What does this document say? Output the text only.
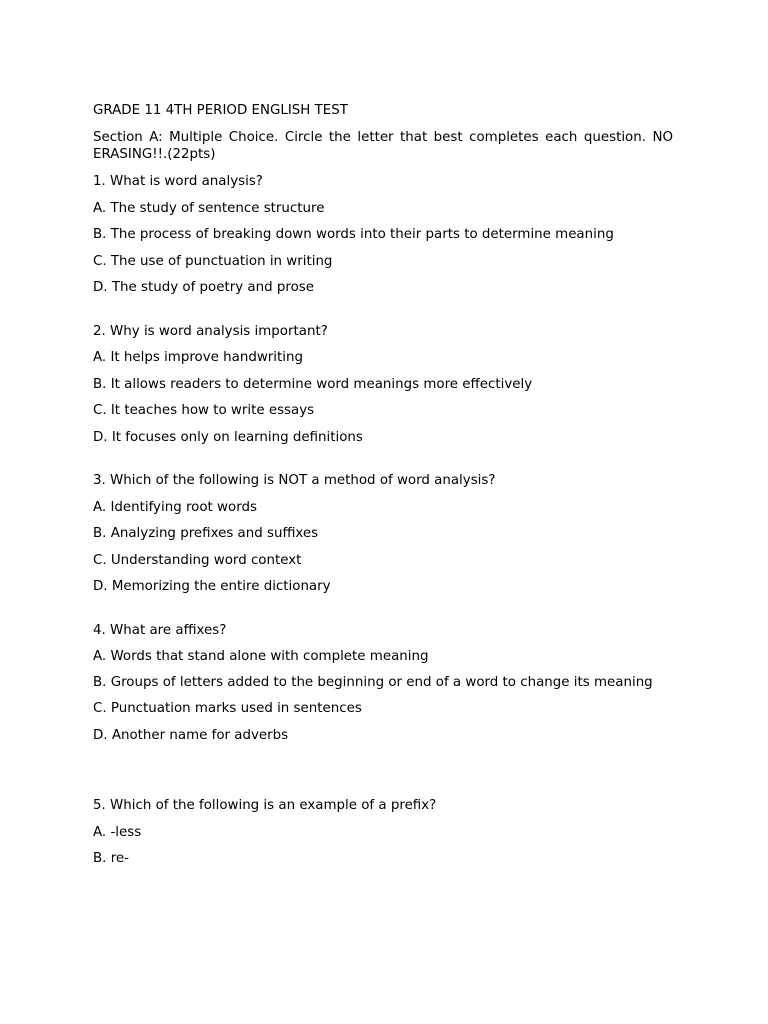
GRADE 11 4TH PERIOD ENGLISH TEST

Section A: Multiple Choice. Circle the letter that best completes each question. NO ERASING!!.(22pts)

1. What is word analysis?

A. The study of sentence structure

B. The process of breaking down words into their parts to determine meaning

C. The use of punctuation in writing

D. The study of poetry and prose

2. Why is word analysis important?

A. It helps improve handwriting

B. It allows readers to determine word meanings more effectively

C. It teaches how to write essays

D. It focuses only on learning definitions

3. Which of the following is NOT a method of word analysis?

A. Identifying root words

B. Analyzing prefixes and suffixes

C. Understanding word context

D. Memorizing the entire dictionary

4. What are affixes?

A. Words that stand alone with complete meaning

B. Groups of letters added to the beginning or end of a word to change its meaning

C. Punctuation marks used in sentences

D. Another name for adverbs

5. Which of the following is an example of a prefix?

A. -less

B. re-
